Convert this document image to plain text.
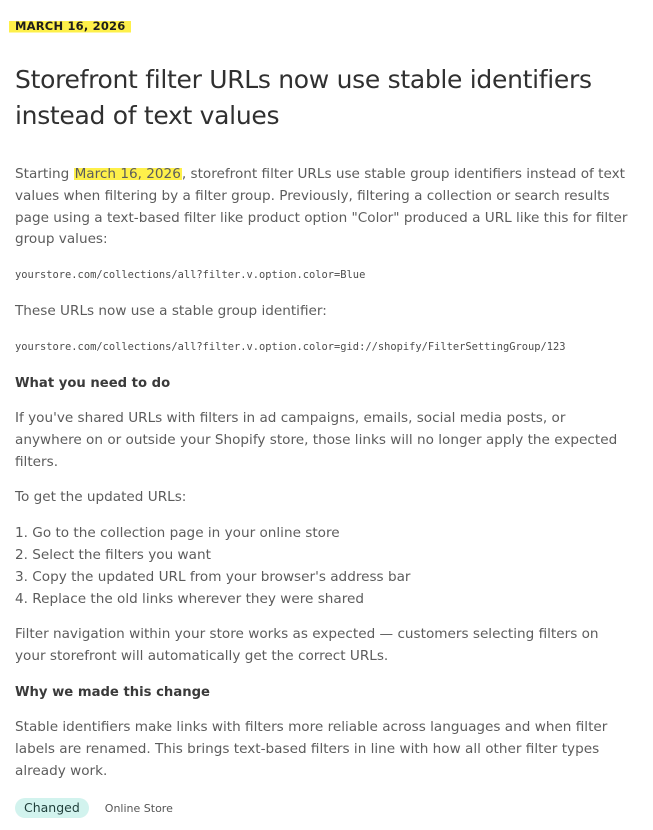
MARCH 16, 2026
Storefront filter URLs now use stable identifiers instead of text values

Starting March 16, 2026, storefront filter URLs use stable group identifiers instead of text values when filtering by a filter group. Previously, filtering a collection or search results page using a text-based filter like product option "Color" produced a URL like this for filter group values:

yourstore.com/collections/all?filter.v.option.color=Blue

These URLs now use a stable group identifier:

yourstore.com/collections/all?filter.v.option.color=gid://shopify/FilterSettingGroup/123
What you need to do

If you've shared URLs with filters in ad campaigns, emails, social media posts, or anywhere on or outside your Shopify store, those links will no longer apply the expected filters.

To get the updated URLs:

1. Go to the collection page in your online store
2. Select the filters you want
3. Copy the updated URL from your browser's address bar
4. Replace the old links wherever they were shared

Filter navigation within your store works as expected — customers selecting filters on your storefront will automatically get the correct URLs.

Why we made this change

Stable identifiers make links with filters more reliable across languages and when filter labels are renamed. This brings text-based filters in line with how all other filter types already work.

Changed	Online Store
